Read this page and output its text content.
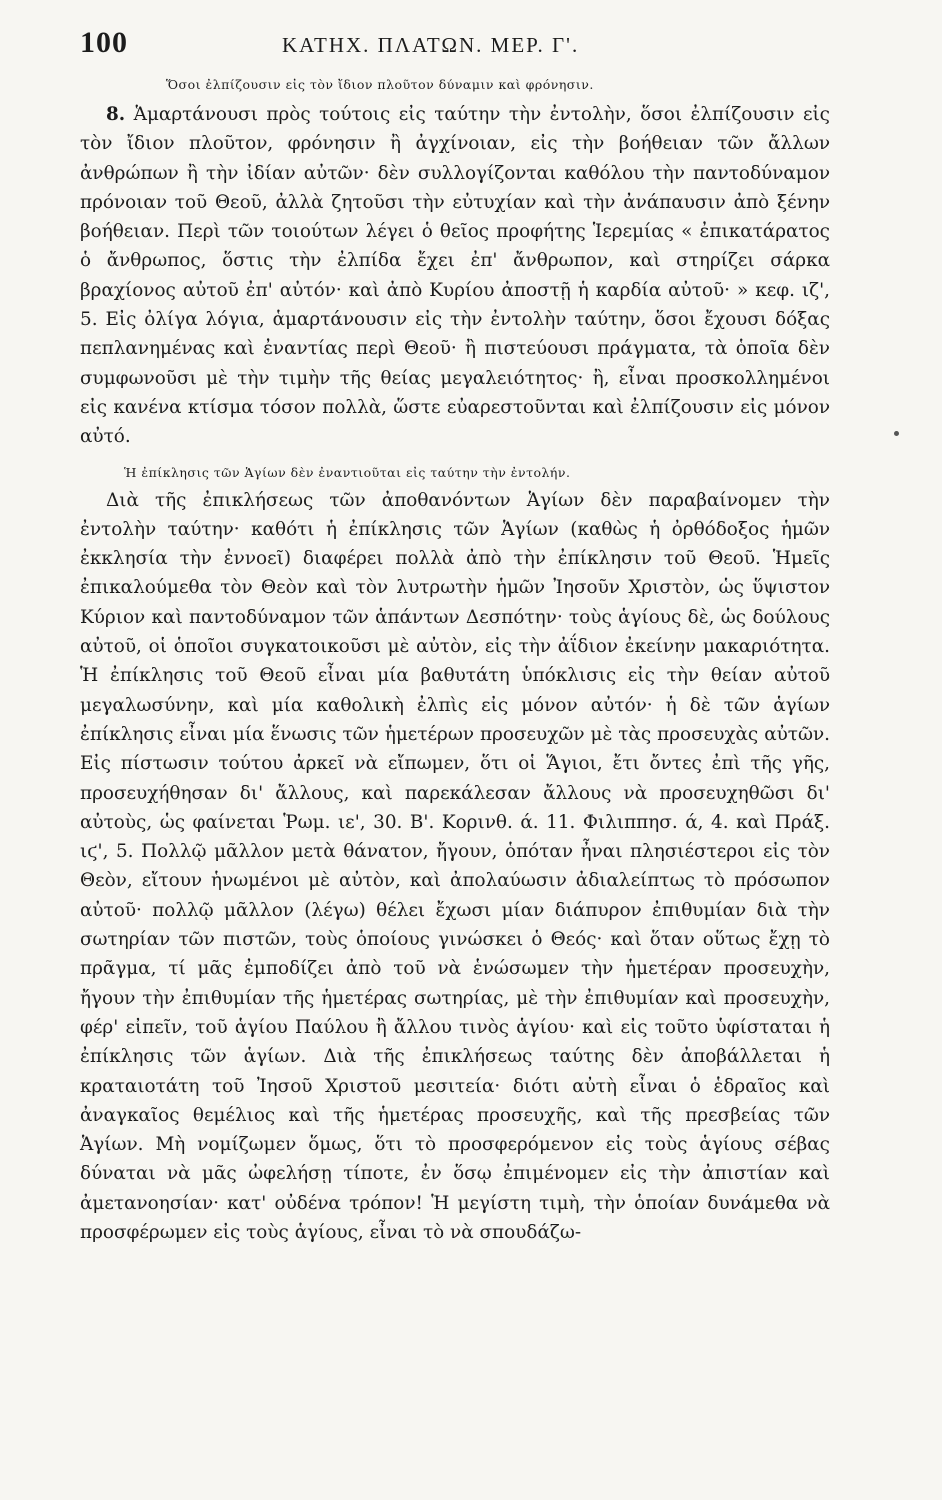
100	ΚΑΤΗΧ. ΠΛΑΤΩΝ. ΜΕΡ. Γ'.
Ὅσοι ἐλπίζουσιν εἰς τὸν ἴδιον πλοῦτον δύναμιν καὶ φρόνησιν.

8. Ἁμαρτάνουσι πρὸς τούτοις εἰς ταύτην τὴν ἐντολὴν, ὅσοι ἐλπίζουσιν εἰς τὸν ἴδιον πλοῦτον, φρόνησιν ἢ ἀγχίνοιαν, εἰς τὴν βοήθειαν τῶν ἄλλων ἀνθρώπων ἢ τὴν ἰδίαν αὐτῶν· δὲν συλλογίζονται καθόλου τὴν παντοδύναμον πρόνοιαν τοῦ Θεοῦ, ἀλλὰ ζητοῦσι τὴν εὐτυχίαν καὶ τὴν ἀνάπαυσιν ἀπὸ ξένην βοήθειαν. Περὶ τῶν τοιούτων λέγει ὁ θεῖος προφήτης Ἱερεμίας « ἐπικατάρατος ὁ ἄνθρωπος, ὅστις τὴν ἐλπίδα ἔχει ἐπ' ἄνθρωπον, καὶ στηρίζει σάρκα βραχίονος αὐτοῦ ἐπ' αὐτόν· καὶ ἀπὸ Κυρίου ἀποστῇ ἡ καρδία αὐτοῦ· » κεφ. ιζ', 5. Εἰς ὀλίγα λόγια, ἁμαρτάνουσιν εἰς τὴν ἐντολὴν ταύτην, ὅσοι ἔχουσι δόξας πεπλανημένας καὶ ἐναντίας περὶ Θεοῦ· ἢ πιστεύουσι πράγματα, τὰ ὁποῖα δὲν συμφωνοῦσι μὲ τὴν τιμὴν τῆς θείας μεγαλειότητος· ἢ, εἶναι προσκολλημένοι εἰς κανένα κτίσμα τόσον πολλὰ, ὥστε εὐαρεστοῦνται καὶ ἐλπίζουσιν εἰς μόνον αὐτό.

Ἡ ἐπίκλησις τῶν Ἁγίων δὲν ἐναντιοῦται εἰς ταύτην τὴν ἐντολήν.

Διὰ τῆς ἐπικλήσεως τῶν ἀποθανόντων Ἁγίων δὲν παραβαίνομεν τὴν ἐντολὴν ταύτην· καθότι ἡ ἐπίκλησις τῶν Ἁγίων (καθὼς ἡ ὀρθόδοξος ἡμῶν ἐκκλησία τὴν ἐννοεῖ) διαφέρει πολλὰ ἀπὸ τὴν ἐπίκλησιν τοῦ Θεοῦ. Ἡμεῖς ἐπικαλούμεθα τὸν Θεὸν καὶ τὸν λυτρωτὴν ἡμῶν Ἰησοῦν Χριστὸν, ὡς ὕψιστον Κύριον καὶ παντοδύναμον τῶν ἁπάντων Δεσπότην· τοὺς ἁγίους δὲ, ὡς δούλους αὐτοῦ, οἱ ὁποῖοι συγκατοικοῦσι μὲ αὐτὸν, εἰς τὴν ἀΐδιον ἐκείνην μακαριότητα. Ἡ ἐπίκλησις τοῦ Θεοῦ εἶναι μία βαθυτάτη ὑπόκλισις εἰς τὴν θείαν αὐτοῦ μεγαλωσύνην, καὶ μία καθολικὴ ἐλπὶς εἰς μόνον αὐτόν· ἡ δὲ τῶν ἁγίων ἐπίκλησις εἶναι μία ἕνωσις τῶν ἡμετέρων προσευχῶν μὲ τὰς προσευχὰς αὐτῶν. Εἰς πίστωσιν τούτου ἀρκεῖ νὰ εἴπωμεν, ὅτι οἱ Ἅγιοι, ἔτι ὄντες ἐπὶ τῆς γῆς, προσευχήθησαν δι' ἄλλους, καὶ παρεκάλεσαν ἄλλους νὰ προσευχηθῶσι δι' αὐτοὺς, ὡς φαίνεται Ῥωμ. ιε', 30. Β'. Κορινθ. ά. 11. Φιλιππησ. ά, 4. καὶ Πράξ. ιϛ', 5. Πολλῷ μᾶλλον μετὰ θάνατον, ἤγουν, ὁπόταν ἦναι πλησιέστεροι εἰς τὸν Θεὸν, εἴτουν ἡνωμένοι μὲ αὐτὸν, καὶ ἀπολαύωσιν ἀδιαλείπτως τὸ πρόσωπον αὐτοῦ· πολλῷ μᾶλλον (λέγω) θέλει ἔχωσι μίαν διάπυρον ἐπιθυμίαν διὰ τὴν σωτηρίαν τῶν πιστῶν, τοὺς ὁποίους γινώσκει ὁ Θεός· καὶ ὅταν οὕτως ἔχῃ τὸ πρᾶγμα, τί μᾶς ἐμποδίζει ἀπὸ τοῦ νὰ ἑνώσωμεν τὴν ἡμετέραν προσευχὴν, ἤγουν τὴν ἐπιθυμίαν τῆς ἡμετέρας σωτηρίας, μὲ τὴν ἐπιθυμίαν καὶ προσευχὴν, φέρ' εἰπεῖν, τοῦ ἁγίου Παύλου ἢ ἄλλου τινὸς ἁγίου· καὶ εἰς τοῦτο ὑφίσταται ἡ ἐπίκλησις τῶν ἁγίων. Διὰ τῆς ἐπικλήσεως ταύτης δὲν ἀποβάλλεται ἡ κραταιοτάτη τοῦ Ἰησοῦ Χριστοῦ μεσιτεία· διότι αὐτὴ εἶναι ὁ ἑδραῖος καὶ ἀναγκαῖος θεμέλιος καὶ τῆς ἡμετέρας προσευχῆς, καὶ τῆς πρεσβείας τῶν Ἁγίων. Μὴ νομίζωμεν ὅμως, ὅτι τὸ προσφερόμενον εἰς τοὺς ἁγίους σέβας δύναται νὰ μᾶς ὠφελήσῃ τίποτε, ἐν ὅσῳ ἐπιμένομεν εἰς τὴν ἀπιστίαν καὶ ἀμετανοησίαν· κατ' οὐδένα τρόπον! Ἡ μεγίστη τιμὴ, τὴν ὁποίαν δυνάμεθα νὰ προσφέρωμεν εἰς τοὺς ἁγίους, εἶναι τὸ νὰ σπουδάζω-
